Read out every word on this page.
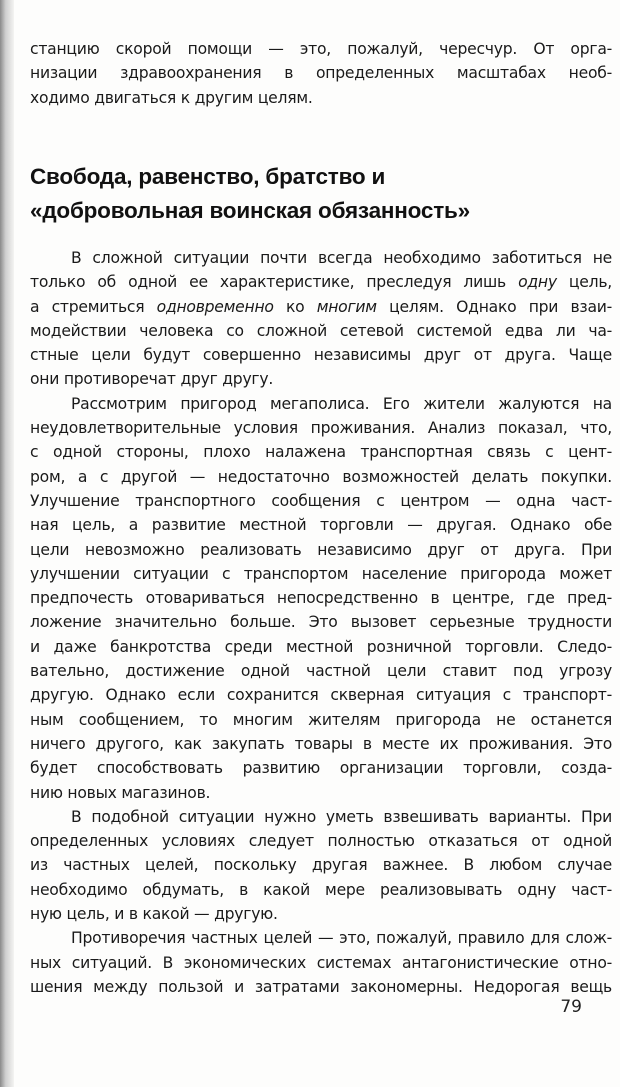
станцию скорой помощи — это, пожалуй, чересчур. От орга-
низации здравоохранения в определенных масштабах необ-
ходимо двигаться к другим целям.
Свобода, равенство, братство и
«добровольная воинская обязанность»
В сложной ситуации почти всегда необходимо заботиться не
только об одной ее характеристике, преследуя лишь одну цель,
а стремиться одновременно ко многим целям. Однако при взаи-
модействии человека со сложной сетевой системой едва ли ча-
стные цели будут совершенно независимы друг от друга. Чаще
они противоречат друг другу.
Рассмотрим пригород мегаполиса. Его жители жалуются на
неудовлетворительные условия проживания. Анализ показал, что,
с одной стороны, плохо налажена транспортная связь с цент-
ром, а с другой — недостаточно возможностей делать покупки.
Улучшение транспортного сообщения с центром — одна част-
ная цель, а развитие местной торговли — другая. Однако обе
цели невозможно реализовать независимо друг от друга. При
улучшении ситуации с транспортом население пригорода может
предпочесть отовариваться непосредственно в центре, где пред-
ложение значительно больше. Это вызовет серьезные трудности
и даже банкротства среди местной розничной торговли. Следо-
вательно, достижение одной частной цели ставит под угрозу
другую. Однако если сохранится скверная ситуация с транспорт-
ным сообщением, то многим жителям пригорода не останется
ничего другого, как закупать товары в месте их проживания. Это
будет способствовать развитию организации торговли, созда-
нию новых магазинов.
В подобной ситуации нужно уметь взвешивать варианты. При
определенных условиях следует полностью отказаться от одной
из частных целей, поскольку другая важнее. В любом случае
необходимо обдумать, в какой мере реализовывать одну част-
ную цель, и в какой — другую.
Противоречия частных целей — это, пожалуй, правило для слож-
ных ситуаций. В экономических системах антагонистические отно-
шения между пользой и затратами закономерны. Недорогая вещь
79
